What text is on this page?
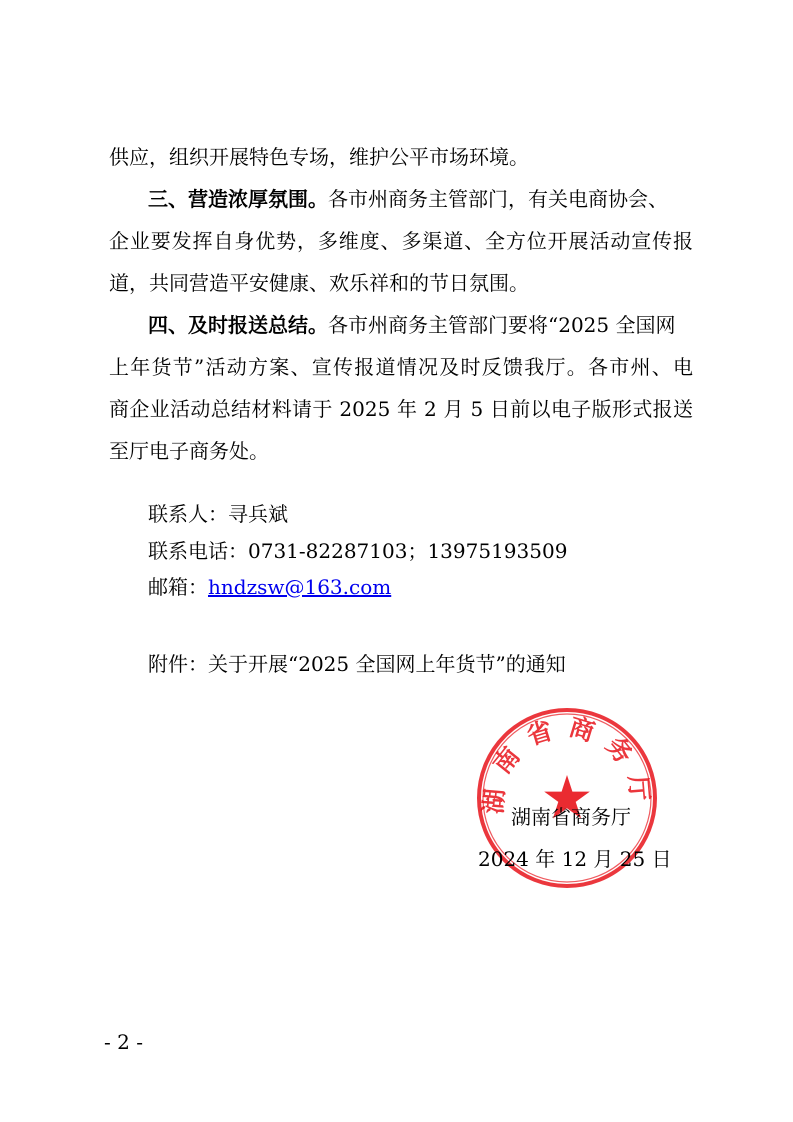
供应，组织开展特色专场，维护公平市场环境。
三、营造浓厚氛围。各市州商务主管部门，有关电商协会、
企业要发挥自身优势，多维度、多渠道、全方位开展活动宣传报
道，共同营造平安健康、欢乐祥和的节日氛围。
四、及时报送总结。各市州商务主管部门要将“2025 全国网
上年货节”活动方案、宣传报道情况及时反馈我厅。各市州、电
商企业活动总结材料请于 2025 年 2 月 5 日前以电子版形式报送
至厅电子商务处。
联系人：寻兵斌
联系电话：0731-82287103；13975193509
邮箱：hndzsw@163.com
附件：关于开展“2025 全国网上年货节”的通知
湖南省商务厅
湖南省商务厅
2024 年 12 月 25 日
- 2 -
